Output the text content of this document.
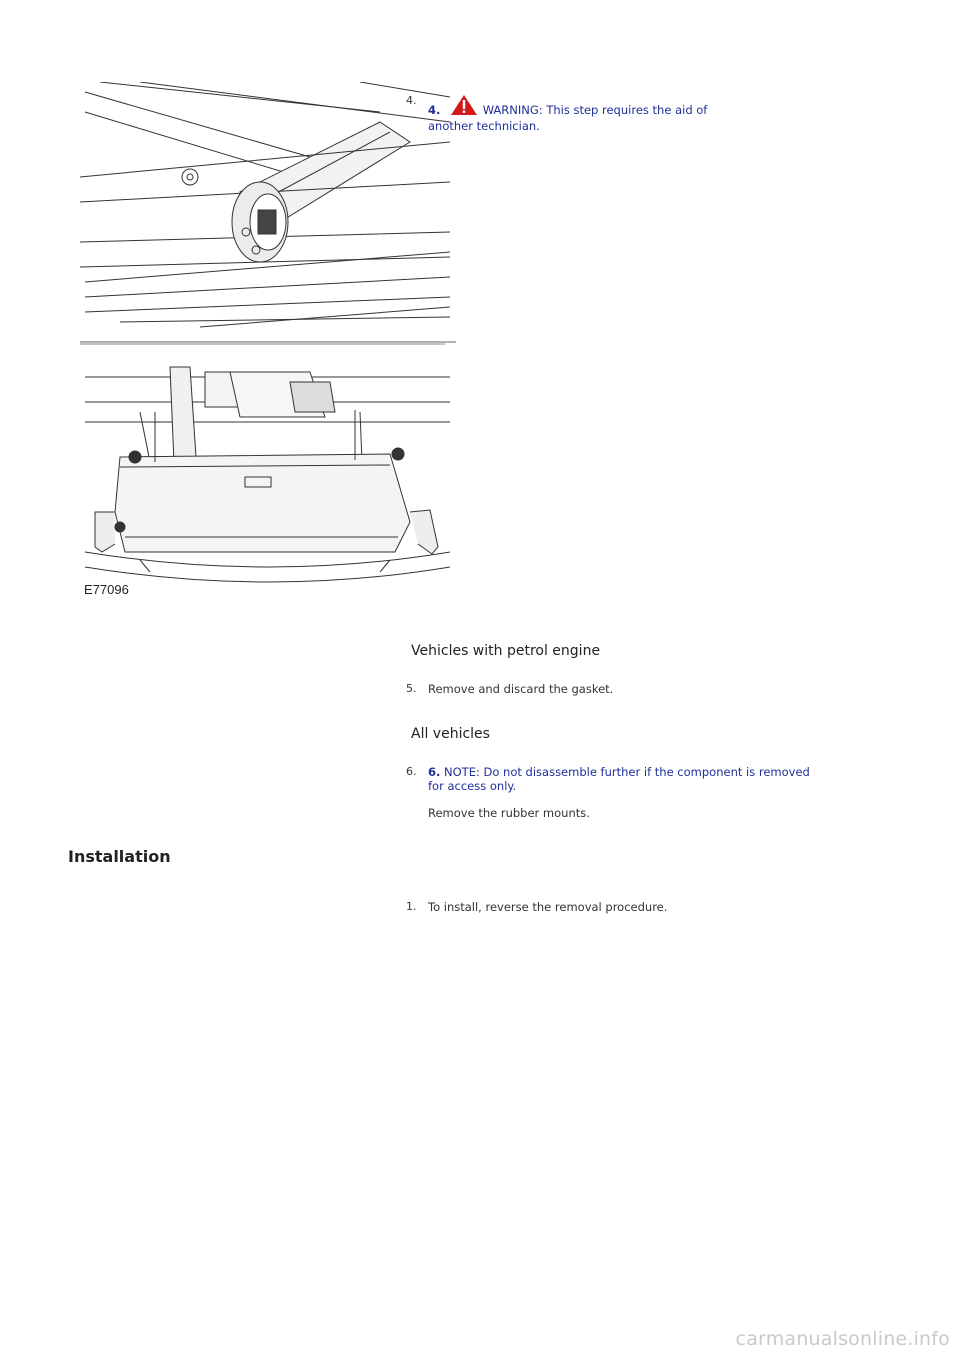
E77096
4.
4.	WARNING: This step requires the aid of
another technician.
Vehicles with petrol engine
5. Remove and discard the gasket.
All vehicles
6. 6. NOTE: Do not disassemble further if the component is removed
for access only.
Remove the rubber mounts.
Installation
1. To install, reverse the removal procedure.
carmanualsonline.info
